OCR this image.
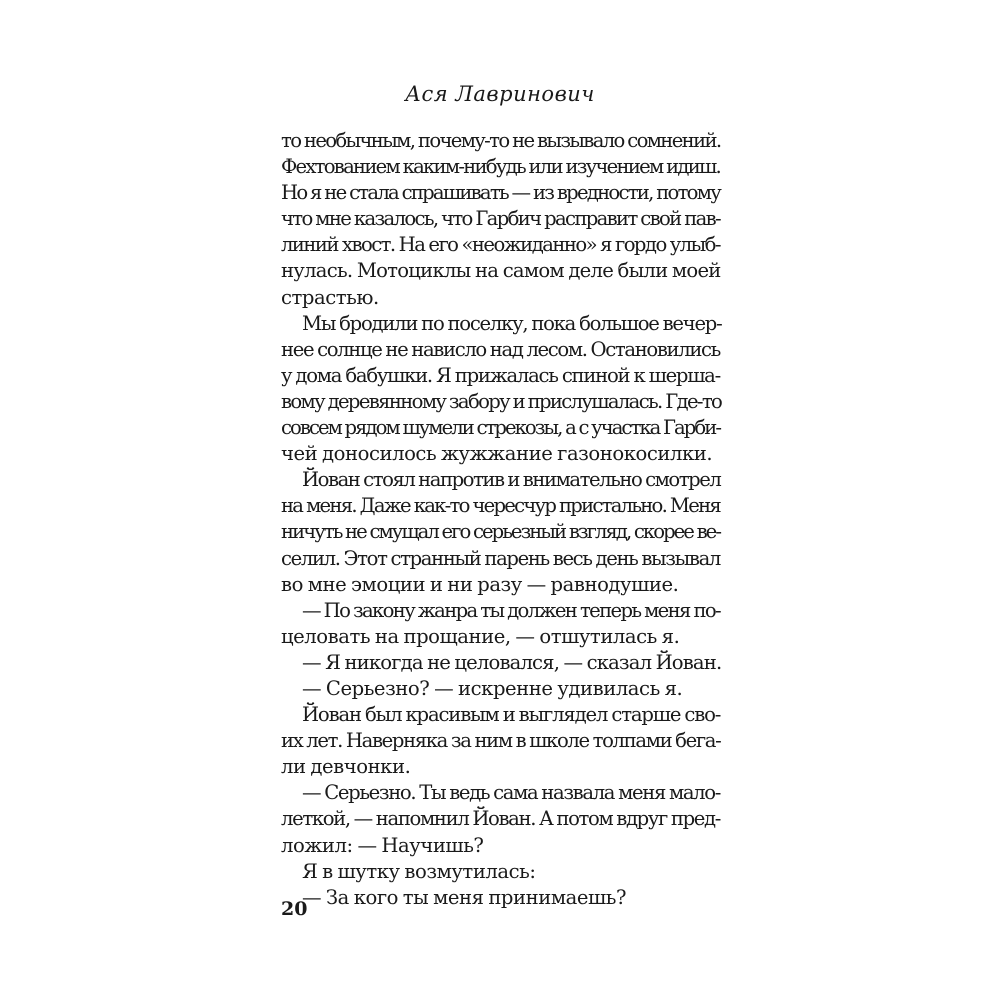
Ася Лавринович
то необычным, почему-то не вызывало сомнений.
Фехтованием каким-нибудь или изучением идиш.
Но я не стала спрашивать — из вредности, потому
что мне казалось, что Гарбич расправит свой пав-
линий хвост. На его «неожиданно» я гордо улыб-
нулась. Мотоциклы на самом деле были моей
страстью.
Мы бродили по поселку, пока большое вечер-
нее солнце не нависло над лесом. Остановились
у дома бабушки. Я прижалась спиной к шерша-
вому деревянному забору и прислушалась. Где-то
совсем рядом шумели стрекозы, а с участка Гарби-
чей доносилось жужжание газонокосилки.
Йован стоял напротив и внимательно смотрел
на меня. Даже как-то чересчур пристально. Меня
ничуть не смущал его серьезный взгляд, скорее ве-
селил. Этот странный парень весь день вызывал
во мне эмоции и ни разу — равнодушие.
— По закону жанра ты должен теперь меня по-
целовать на прощание, — отшутилась я.
— Я никогда не целовался, — сказал Йован.
— Серьезно? — искренне удивилась я.
Йован был красивым и выглядел старше сво-
их лет. Наверняка за ним в школе толпами бега-
ли девчонки.
— Серьезно. Ты ведь сама назвала меня мало-
леткой, — напомнил Йован. А потом вдруг пред-
ложил: — Научишь?
Я в шутку возмутилась:
— За кого ты меня принимаешь?
20
